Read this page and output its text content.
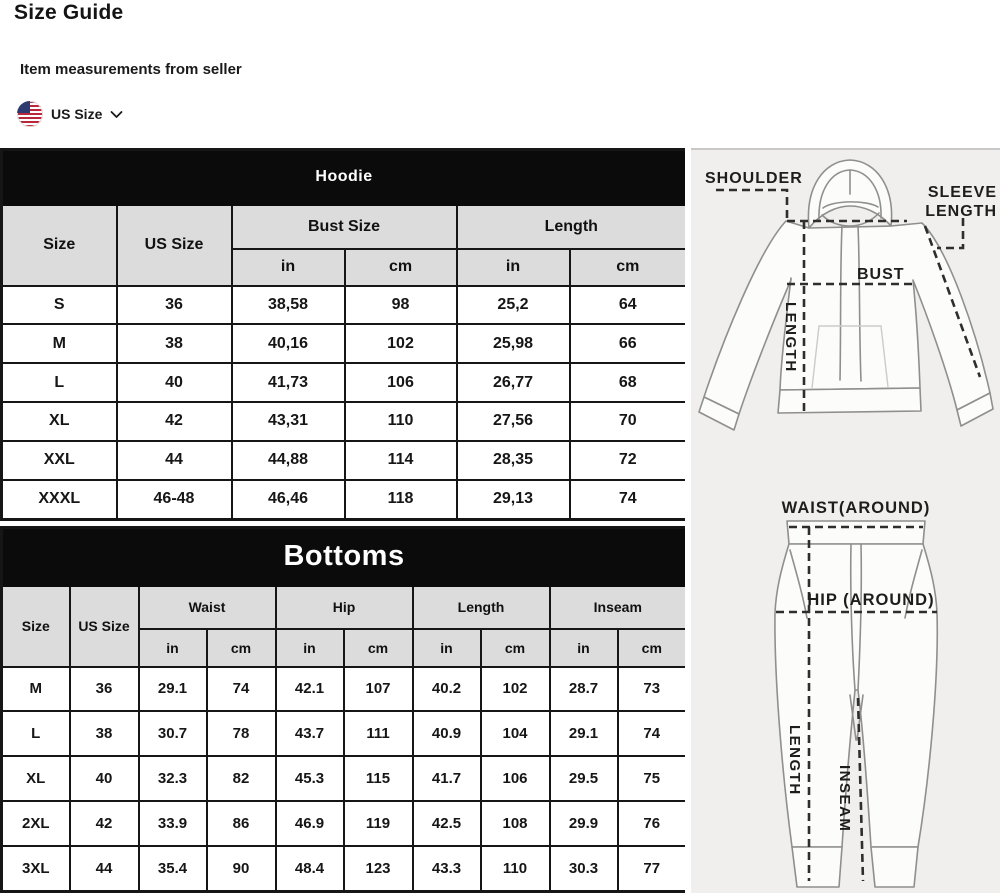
Size Guide
Item measurements from seller
US Size
Hoodie					
Size	US Size	Bust Size		Length	
		in	cm	in	cm
S	36	38,58	98	25,2	64
M	38	40,16	102	25,98	66
L	40	41,73	106	26,77	68
XL	42	43,31	110	27,56	70
XXL	44	44,88	114	28,35	72
XXXL	46-48	46,46	118	29,13	74
Bottoms									
Size	US Size	Waist		Hip		Length		Inseam	
		in	cm	in	cm	in	cm	in	cm
M	36	29.1	74	42.1	107	40.2	102	28.7	73
L	38	30.7	78	43.7	111	40.9	104	29.1	74
XL	40	32.3	82	45.3	115	41.7	106	29.5	75
2XL	42	33.9	86	46.9	119	42.5	108	29.9	76
3XL	44	35.4	90	48.4	123	43.3	110	30.3	77
SHOULDER
SLEEVE
LENGTH
BUST
LENGTH
WAIST(AROUND)
HIP (AROUND)
LENGTH
INSEAM
